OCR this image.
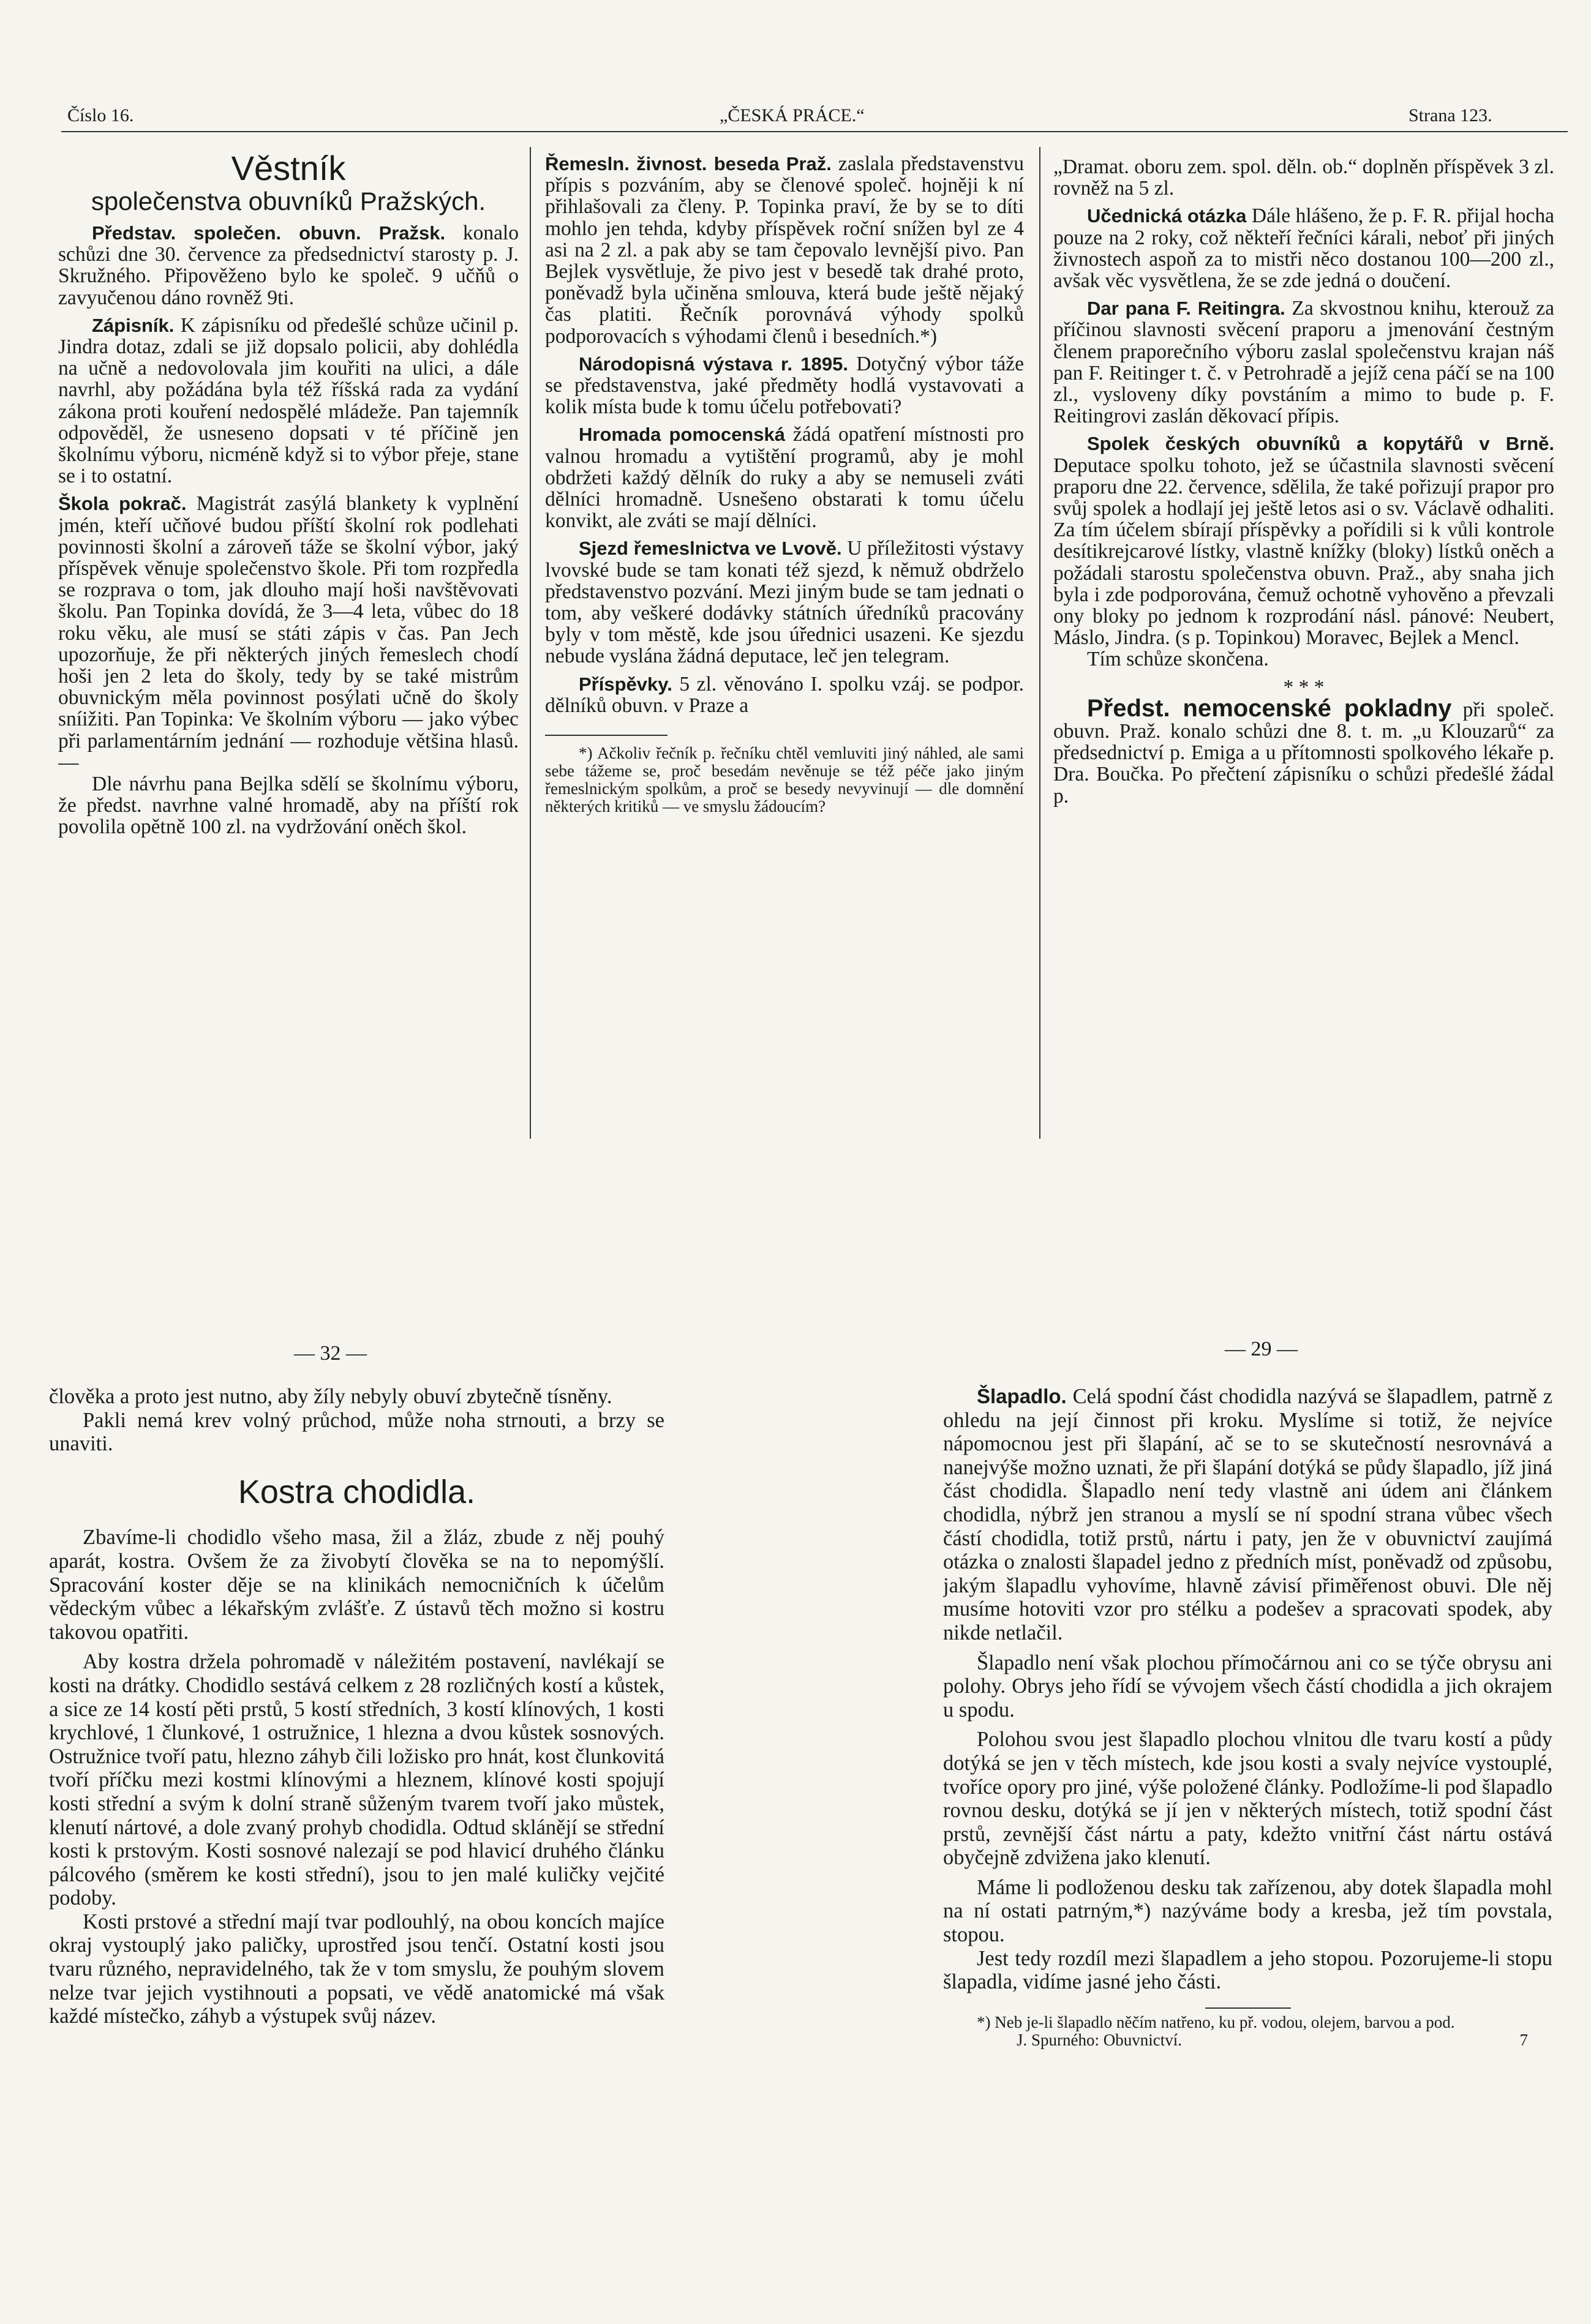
Číslo 16.	„ČESKÁ PRÁCE.“	Strana 123.
Věstník
společenstva obuvníků Pražských.

Představ. společen. obuvn. Pražsk. konalo schůzi dne 30. července za předsednictví starosty p. J. Skružného. Připověženo bylo ke společ. 9 učňů o zavyučenou dáno rovněž 9ti.

Zápisník. K zápisníku od předešlé schůze učinil p. Jindra dotaz, zdali se již dopsalo policii, aby dohlédla na učně a nedovolovala jim kouřiti na ulici, a dále navrhl, aby požádána byla též říšská rada za vydání zákona proti kouření nedospělé mládeže. Pan tajemník odpověděl, že usnesenо dopsati v té příčině jen školnímu výboru, nicméně když si to výbor přeje, stane se i to ostatní.

Škola pokrač. Magistrát zasýlá blankety k vyplnění jmén, kteří učňové budou příští školní rok podlehati povinnosti školní a zároveň táže se školní výbor, jaký příspěvek věnuje společenstvo škole. Při tom rozpředla se rozprava o tom, jak dlouho mají hoši navštěvovati školu. Pan Topinka dovídá, že 3—4 leta, vůbec do 18 roku věku, ale musí se státi zápis v čas. Pan Jech upozorňuje, že při některých jiných řemeslech chodí hoši jen 2 leta do školy, tedy by se také mistrům obuvnickým měla povinnost posýlati učně do školy sníižiti. Pan Topinka: Ve školním výboru — jako výbec při parlamentárním jednání — rozhoduje většina hlasů. —

Dle návrhu pana Bejlka sdělí se školnímu výboru, že předst. navrhne valné hromadě, aby na příští rok povolila opětně 100 zl. na vydržování oněch škol.

Řemesln. živnost. beseda Praž. zaslala představenstvu přípis s pozváním, aby se členové společ. hojněji k ní přihlašovali za členy. P. Topinka praví, že by se to díti mohlo jen tehda, kdyby příspěvek roční snížen byl ze 4 asi na 2 zl. a pak aby se tam čepovalo levnější pivo. Pan Bejlek vysvětluje, že pivo jest v besedě tak drahé proto, poněvadž byla učiněna smlouva, která bude ještě nějaký čas platiti. Řečník porovnává výhody spolků podporovacích s výhodami členů i besedních.*)

Národopisná výstava r. 1895. Dotyčný výbor táže se představenstva, jaké předměty hodlá vystavovati a kolik místa bude k tomu účelu potřebovati?

Hromada pomocenská žádá opatření místnosti pro valnou hromadu a vytištění programů, aby je mohl obdržeti každý dělník do ruky a aby se nemuseli zváti dělníci hromadně. Usnešeno obstarati k tomu účelu konvikt, ale zváti se mají dělníci.

Sjezd řemeslnictva ve Lvově. U příležitosti výstavy lvovské bude se tam konati též sjezd, k němuž obdrželo představenstvo pozvání. Mezi jiným bude se tam jednati o tom, aby veškeré dodávky státních úředníků pracovány byly v tom městě, kde jsou úřednici usazeni. Ke sjezdu nebude vyslána žádná deputace, leč jen telegram.

Příspěvky. 5 zl. věnováno I. spolku vzáj. se podpor. dělníků obuvn. v Praze a

*) Ačkoliv řečník p. řečníku chtěl vemluviti jiný náhled, ale sami sebe tážeme se, proč besedám nevěnuje se též péče jako jiným řemeslnickým spolkům, a proč se besedy nevyvinují — dle domnění některých kritiků — ve smyslu žádoucím?

„Dramat. oboru zem. spol. děln. ob.“ doplněn příspěvek 3 zl. rovněž na 5 zl.

Učednická otázka Dále hlášeno, že p. F. R. přijal hocha pouze na 2 roky, což někteří řečníci kárali, neboť při jiných živnostech aspoň za to mistři něco dostanou 100—200 zl., avšak věc vysvětlena, že se zde jedná o doučení.

Dar pana F. Reitingra. Za skvostnou knihu, kterouž za příčinou slavnosti svěcení praporu a jmenování čestným členem praporečního výboru zaslal společenstvu krajan náš pan F. Reitinger t. č. v Petrohradě a jejíž cena páčí se na 100 zl., vysloveny díky povstáním a mimo to bude p. F. Reitingrovi zaslán děkovací přípis.

Spolek českých obuvníků a kopytářů v Brně. Deputace spolku tohoto, jež se účastnila slavnosti svěcení praporu dne 22. července, sdělila, že také pořizují prapor pro svůj spolek a hodlají jej ještě letos asi o sv. Václavě odhaliti. Za tím účelem sbírají příspěvky a pořídili si k vůli kontrole desítikrejcarové lístky, vlastně knížky (bloky) lístků oněch a požádali starostu společenstva obuvn. Praž., aby snaha jich byla i zde podporována, čemuž ochotně vyhověno a převzali ony bloky po jednom k rozprodání násl. pánové: Neubert, Máslo, Jindra. (s p. Topinkou) Moravec, Bejlek a Mencl.

Tím schůze skončena.

* * *

Předst. nemocenské pokladny při společ. obuvn. Praž. konalo schůzi dne 8. t. m. „u Klouzarů“ za předsednictví p. Emiga a u přítomnosti spolkového lékaře p. Dra. Boučka. Po přečtení zápisníku o schůzi předešlé žádal p.

— 32 —	— 29 —

člověka a proto jest nutno, aby žíly nebyly obuví zbytečně tísněny.

Pakli nemá krev volný průchod, může noha strnouti, a brzy se unaviti.

Kostra chodidla.

Zbavíme-li chodidlo všeho masa, žil a žláz, zbude z něj pouhý aparát, kostra. Ovšem že za živobytí člověka se na to nepomýšlí. Spracování koster děje se na klinikách nemocničních k účelům vědeckým vůbec a lékařským zvlášťe. Z ústavů těch možno si kostru takovou opatřiti.

Aby kostra držela pohromadě v náležitém postavení, navlékají se kosti na drátky. Chodidlo sestává celkem z 28 rozličných kostí a kůstek, a sice ze 14 kostí pěti prstů, 5 kostí středních, 3 kostí klínových, 1 kosti krychlové, 1 člunkové, 1 ostružnice, 1 hlezna a dvou kůstek sosnových. Ostružnice tvoří patu, hlezno záhyb čili ložisko pro hnát, kost člunkovitá tvoří příčku mezi kostmi klínovými a hleznem, klínové kosti spojují kosti střední a svým k dolní straně sůženým tvarem tvoří jako můstek, klenutí nártové, a dole zvaný prohyb chodidla. Odtud sklánějí se střední kosti k prstovým. Kosti sosnové nalezají se pod hlavicí druhého článku pálcového (směrem ke kosti střední), jsou to jen malé kuličky vejčité podoby.

Kosti prstové a střední mají tvar podlouhlý, na obou koncích majíce okraj vystouplý jako paličky, uprostřed jsou tenčí. Ostatní kosti jsou tvaru různého, nepravidelného, tak že v tom smyslu, že pouhým slovem nelze tvar jejich vystihnouti a popsati, ve vědě anatomické má však každé místečko, záhyb a výstupek svůj název.

Šlapadlo. Celá spodní část chodidla nazývá se šlapadlem, patrně z ohledu na její činnost při kroku. Myslíme si totiž, že nejvíce nápomocnou jest při šlapání, ač se to se skutečností nesrovnává a nanejvýše možno uznati, že při šlapání dotýká se půdy šlapadlo, jíž jiná část chodidla. Šlapadlo není tedy vlastně ani údem ani článkem chodidla, nýbrž jen stranou a myslí se ní spodní strana vůbec všech částí chodidla, totiž prstů, nártu i paty, jen že v obuvnictví zaujímá otázka o znalosti šlapadel jedno z předních míst, poněvadž od způsobu, jakým šlapadlu vyhovíme, hlavně závisí přiměřenost obuvi. Dle něj musíme hotoviti vzor pro stélku a podešev a spracovati spodek, aby nikde netlačil.

Šlapadlo není však plochou přímočárnou ani co se týče obrysu ani polohy. Obrys jeho řídí se vývojem všech částí chodidla a jich okrajem u spodu.

Polohou svou jest šlapadlo plochou vlnitou dle tvaru kostí a půdy dotýká se jen v těch místech, kde jsou kosti a svaly nejvíce vystouplé, tvoříce opory pro jiné, výše položené články. Podložíme-li pod šlapadlo rovnou desku, dotýká se jí jen v některých místech, totiž spodní část prstů, zevnější část nártu a paty, kdežto vnitřní část nártu ostává obyčejně zdvižena jako klenutí.

Máme li podloženou desku tak zařízenou, aby dotek šlapadla mohl na ní ostati patrným,*) nazýváme body a kresba, jež tím povstala, stopou.

Jest tedy rozdíl mezi šlapadlem a jeho stopou. Pozorujeme-li stopu šlapadla, vidíme jasné jeho části.

*) Neb je-li šlapadlo něčím natřeno, ku př. vodou, olejem, barvou a pod.

J. Spurného: Obuvnictví.	7
